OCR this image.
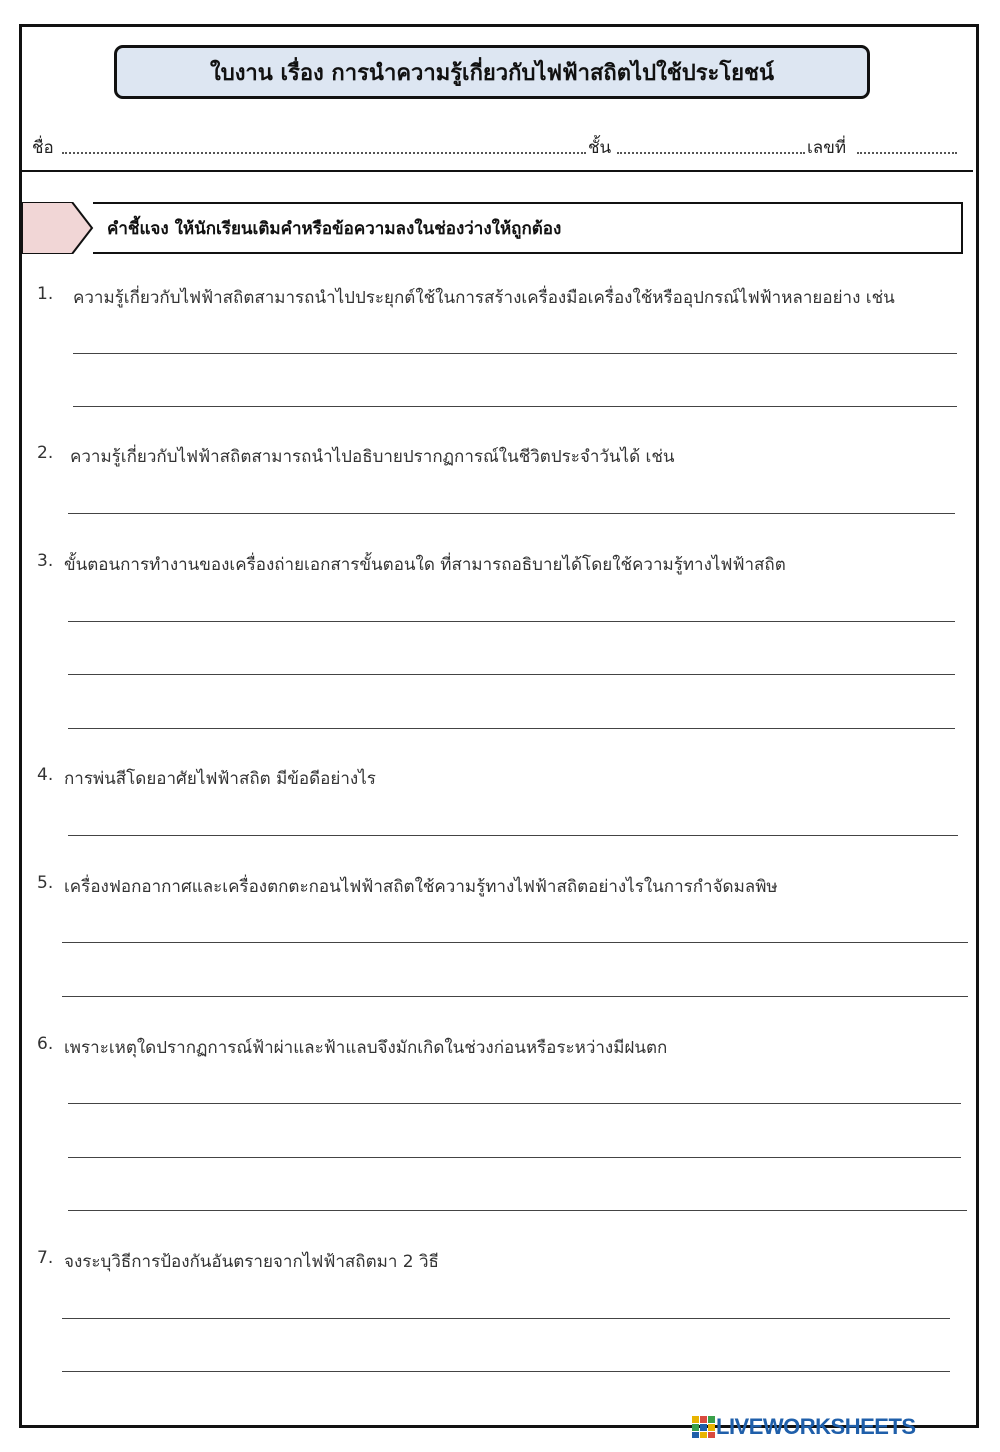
ใบงาน เรื่อง การนำความรู้เกี่ยวกับไฟฟ้าสถิตไปใช้ประโยชน์
ชื่อ	ชั้น	เลขที่
คำชี้แจง ให้นักเรียนเติมคำหรือข้อความลงในช่องว่างให้ถูกต้อง
1. ความรู้เกี่ยวกับไฟฟ้าสถิตสามารถนำไปประยุกต์ใช้ในการสร้างเครื่องมือเครื่องใช้หรืออุปกรณ์ไฟฟ้าหลายอย่าง เช่น
2. ความรู้เกี่ยวกับไฟฟ้าสถิตสามารถนำไปอธิบายปรากฏการณ์ในชีวิตประจำวันได้ เช่น
3. ขั้นตอนการทำงานของเครื่องถ่ายเอกสารขั้นตอนใด ที่สามารถอธิบายได้โดยใช้ความรู้ทางไฟฟ้าสถิต
4. การพ่นสีโดยอาศัยไฟฟ้าสถิต มีข้อดีอย่างไร
5. เครื่องฟอกอากาศและเครื่องตกตะกอนไฟฟ้าสถิตใช้ความรู้ทางไฟฟ้าสถิตอย่างไรในการกำจัดมลพิษ
6. เพราะเหตุใดปรากฏการณ์ฟ้าผ่าและฟ้าแลบจึงมักเกิดในช่วงก่อนหรือระหว่างมีฝนตก
7. จงระบุวิธีการป้องกันอันตรายจากไฟฟ้าสถิตมา 2 วิธี
LIVEWORKSHEETS
